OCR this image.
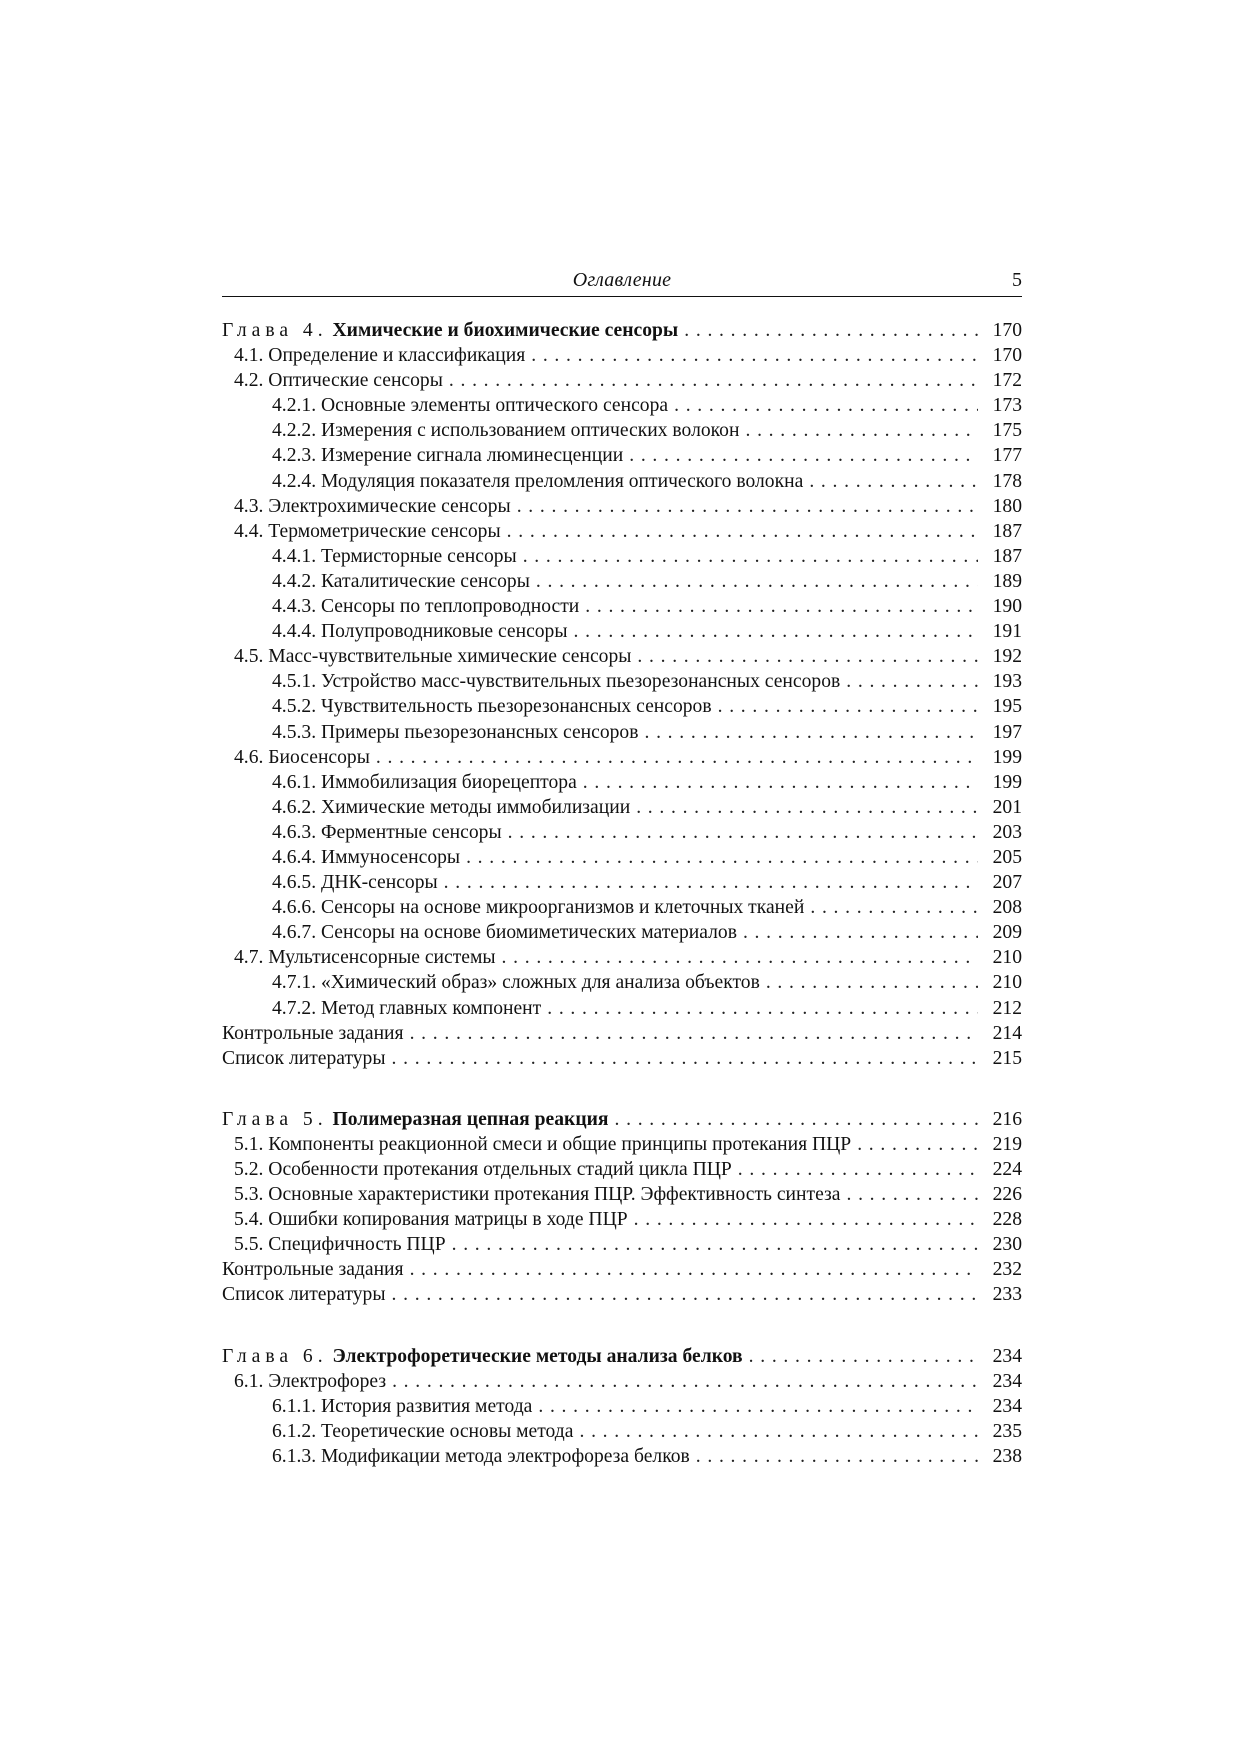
Оглавление	5
Глава 4. Химические и биохимические сенсоры . . .	170
4.1. Определение и классификация . . .	170
4.2. Оптические сенсоры . . .	172
4.2.1. Основные элементы оптического сенсора . . .	173
4.2.2. Измерения с использованием оптических волокон . . .	175
4.2.3. Измерение сигнала люминесценции . . .	177
4.2.4. Модуляция показателя преломления оптического волокна . . .	178
4.3. Электрохимические сенсоры . . .	180
4.4. Термометрические сенсоры . . .	187
4.4.1. Термисторные сенсоры . . .	187
4.4.2. Каталитические сенсоры . . .	189
4.4.3. Сенсоры по теплопроводности . . .	190
4.4.4. Полупроводниковые сенсоры . . .	191
4.5. Масс-чувствительные химические сенсоры . . .	192
4.5.1. Устройство масс-чувствительных пьезорезонансных сенсоров . . .	193
4.5.2. Чувствительность пьезорезонансных сенсоров . . .	195
4.5.3. Примеры пьезорезонансных сенсоров . . .	197
4.6. Биосенсоры . . .	199
4.6.1. Иммобилизация биорецептора . . .	199
4.6.2. Химические методы иммобилизации . . .	201
4.6.3. Ферментные сенсоры . . .	203
4.6.4. Иммуносенсоры . . .	205
4.6.5. ДНК-сенсоры . . .	207
4.6.6. Сенсоры на основе микроорганизмов и клеточных тканей . . .	208
4.6.7. Сенсоры на основе биомиметических материалов . . .	209
4.7. Мультисенсорные системы . . .	210
4.7.1. «Химический образ» сложных для анализа объектов . . .	210
4.7.2. Метод главных компонент . . .	212
Контрольные задания . . .	214
Список литературы . . .	215
Глава 5. Полимеразная цепная реакция . . .	216
5.1. Компоненты реакционной смеси и общие принципы протекания ПЦР . . .	219
5.2. Особенности протекания отдельных стадий цикла ПЦР . . .	224
5.3. Основные характеристики протекания ПЦР. Эффективность синтеза . . .	226
5.4. Ошибки копирования матрицы в ходе ПЦР . . .	228
5.5. Специфичность ПЦР . . .	230
Контрольные задания . . .	232
Список литературы . . .	233
Глава 6. Электрофоретические методы анализа белков . . .	234
6.1. Электрофорез . . .	234
6.1.1. История развития метода . . .	234
6.1.2. Теоретические основы метода . . .	235
6.1.3. Модификации метода электрофореза белков . . .	238
